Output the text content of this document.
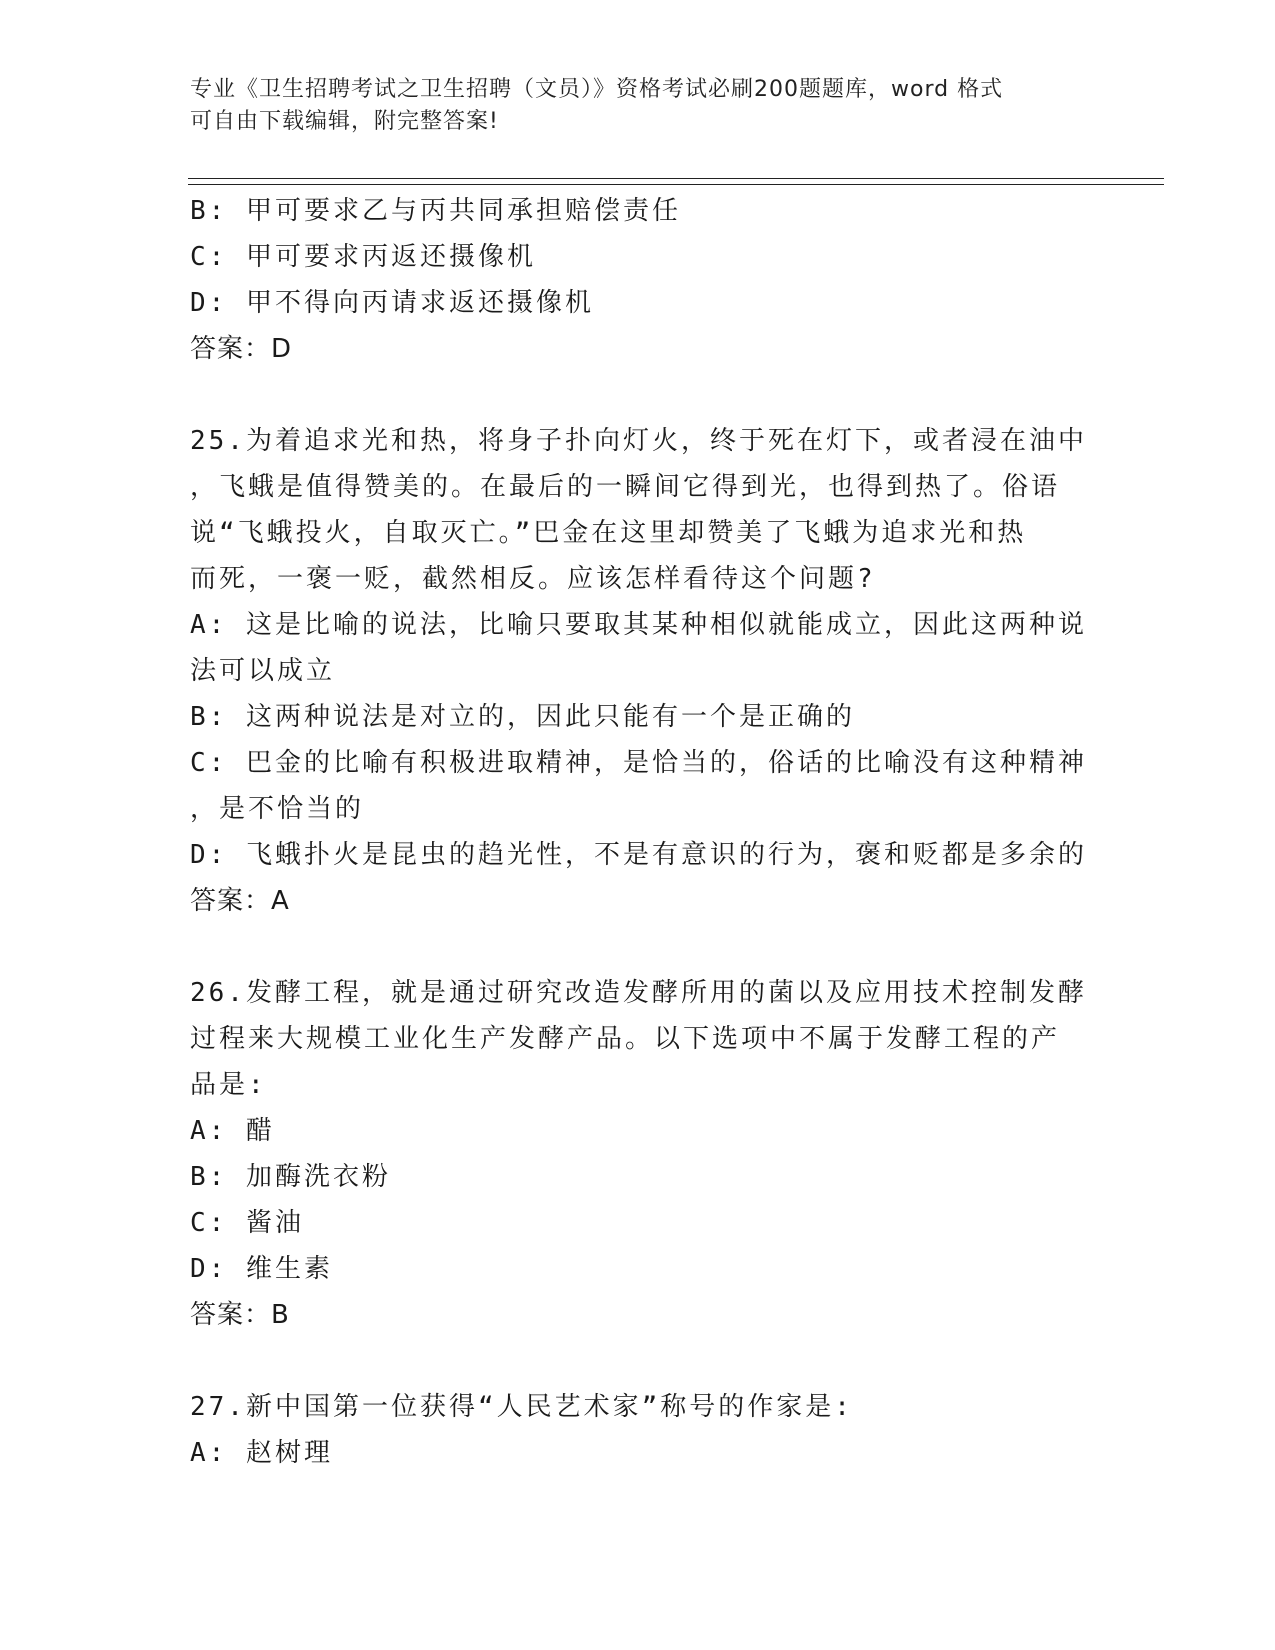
专业《卫生招聘考试之卫生招聘（文员）》资格考试必刷200题题库，word 格式
可自由下载编辑，附完整答案!
B: 甲可要求乙与丙共同承担赔偿责任
C: 甲可要求丙返还摄像机
D: 甲不得向丙请求返还摄像机
答案：D
25.为着追求光和热，将身子扑向灯火，终于死在灯下，或者浸在油中
，飞蛾是值得赞美的。在最后的一瞬间它得到光，也得到热了。俗语
说“飞蛾投火，自取灭亡。”巴金在这里却赞美了飞蛾为追求光和热
而死，一褒一贬，截然相反。应该怎样看待这个问题?
A: 这是比喻的说法，比喻只要取其某种相似就能成立，因此这两种说
法可以成立
B: 这两种说法是对立的，因此只能有一个是正确的
C: 巴金的比喻有积极进取精神，是恰当的，俗话的比喻没有这种精神
，是不恰当的
D: 飞蛾扑火是昆虫的趋光性，不是有意识的行为，褒和贬都是多余的
答案：A
26.发酵工程，就是通过研究改造发酵所用的菌以及应用技术控制发酵
过程来大规模工业化生产发酵产品。以下选项中不属于发酵工程的产
品是:
A: 醋
B: 加酶洗衣粉
C: 酱油
D: 维生素
答案：B
27.新中国第一位获得“人民艺术家”称号的作家是:
A: 赵树理
